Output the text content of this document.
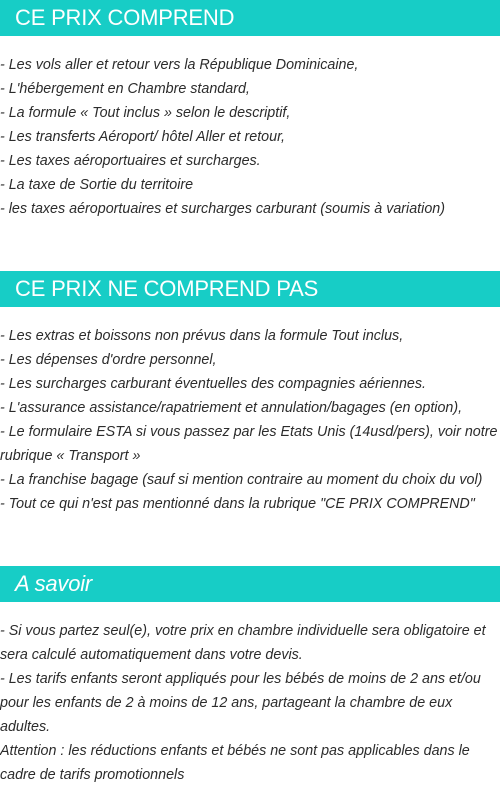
CE PRIX COMPREND
- Les vols aller et retour vers la République Dominicaine,
- L'hébergement en Chambre standard,
- La formule « Tout inclus » selon le descriptif,
- Les transferts Aéroport/ hôtel Aller et retour,
- Les taxes aéroportuaires et surcharges.
- La taxe de Sortie du territoire
- les taxes aéroportuaires et surcharges carburant (soumis à variation)
CE PRIX NE COMPREND PAS
- Les extras et boissons non prévus dans la formule Tout inclus,
- Les dépenses d'ordre personnel,
- Les surcharges carburant éventuelles des compagnies aériennes.
- L'assurance assistance/rapatriement et annulation/bagages (en option),
- Le formulaire ESTA si vous passez par les Etats Unis (14usd/pers), voir notre rubrique « Transport »
- La franchise bagage (sauf si mention contraire au moment du choix du vol)
- Tout ce qui n'est pas mentionné dans la rubrique "CE PRIX COMPREND"
A savoir
- Si vous partez seul(e), votre prix en chambre individuelle sera obligatoire et sera calculé automatiquement dans votre devis.
- Les tarifs enfants seront appliqués pour les bébés de moins de 2 ans et/ou pour les enfants de 2 à moins de 12 ans, partageant la chambre de eux adultes.
Attention : les réductions enfants et bébés ne sont pas applicables dans le cadre de tarifs promotionnels
